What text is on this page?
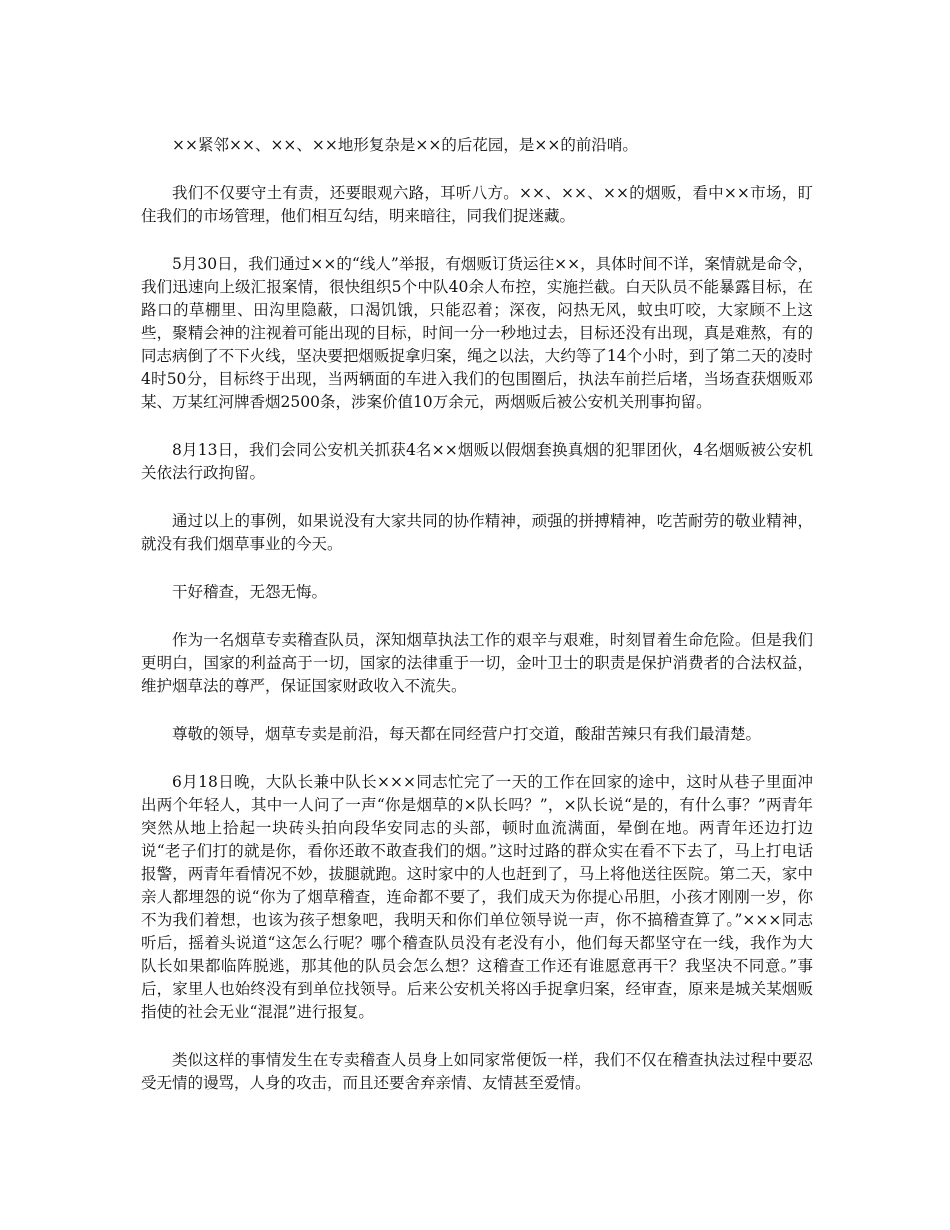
××紧邻××、××、××地形复杂是××的后花园，是××的前沿哨。

我们不仅要守土有责，还要眼观六路，耳听八方。××、××、××的烟贩，看中××市场，盯住我们的市场管理，他们相互勾结，明来暗往，同我们捉迷藏。

5月30日，我们通过××的“线人”举报，有烟贩订货运往××，具体时间不详，案情就是命令，我们迅速向上级汇报案情，很快组织5个中队40余人布控，实施拦截。白天队员不能暴露目标，在路口的草棚里、田沟里隐蔽，口渴饥饿，只能忍着；深夜，闷热无风，蚊虫叮咬，大家顾不上这些，聚精会神的注视着可能出现的目标，时间一分一秒地过去，目标还没有出现，真是难熬，有的同志病倒了不下火线，坚决要把烟贩捉拿归案，绳之以法，大约等了14个小时，到了第二天的凌时4时50分，目标终于出现，当两辆面的车进入我们的包围圈后，执法车前拦后堵，当场查获烟贩邓某、万某红河牌香烟2500条，涉案价值10万余元，两烟贩后被公安机关刑事拘留。

8月13日，我们会同公安机关抓获4名××烟贩以假烟套换真烟的犯罪团伙，4名烟贩被公安机关依法行政拘留。

通过以上的事例，如果说没有大家共同的协作精神，顽强的拼搏精神，吃苦耐劳的敬业精神，就没有我们烟草事业的今天。

干好稽查，无怨无悔。

作为一名烟草专卖稽查队员，深知烟草执法工作的艰辛与艰难，时刻冒着生命危险。但是我们更明白，国家的利益高于一切，国家的法律重于一切，金叶卫士的职责是保护消费者的合法权益，维护烟草法的尊严，保证国家财政收入不流失。

尊敬的领导，烟草专卖是前沿，每天都在同经营户打交道，酸甜苦辣只有我们最清楚。

6月18日晚，大队长兼中队长×××同志忙完了一天的工作在回家的途中，这时从巷子里面冲出两个年轻人，其中一人问了一声“你是烟草的×队长吗？”，×队长说“是的，有什么事？”两青年突然从地上拾起一块砖头拍向段华安同志的头部，顿时血流满面，晕倒在地。两青年还边打边说“老子们打的就是你，看你还敢不敢查我们的烟。”这时过路的群众实在看不下去了，马上打电话报警，两青年看情况不妙，拔腿就跑。这时家中的人也赶到了，马上将他送往医院。第二天，家中亲人都埋怨的说“你为了烟草稽查，连命都不要了，我们成天为你提心吊胆，小孩才刚刚一岁，你不为我们着想，也该为孩子想象吧，我明天和你们单位领导说一声，你不搞稽查算了。”×××同志听后，摇着头说道“这怎么行呢？哪个稽查队员没有老没有小，他们每天都坚守在一线，我作为大队长如果都临阵脱逃，那其他的队员会怎么想？这稽查工作还有谁愿意再干？我坚决不同意。”事后，家里人也始终没有到单位找领导。后来公安机关将凶手捉拿归案，经审查，原来是城关某烟贩指使的社会无业“混混”进行报复。

类似这样的事情发生在专卖稽查人员身上如同家常便饭一样，我们不仅在稽查执法过程中要忍受无情的谩骂，人身的攻击，而且还要舍弃亲情、友情甚至爱情。
